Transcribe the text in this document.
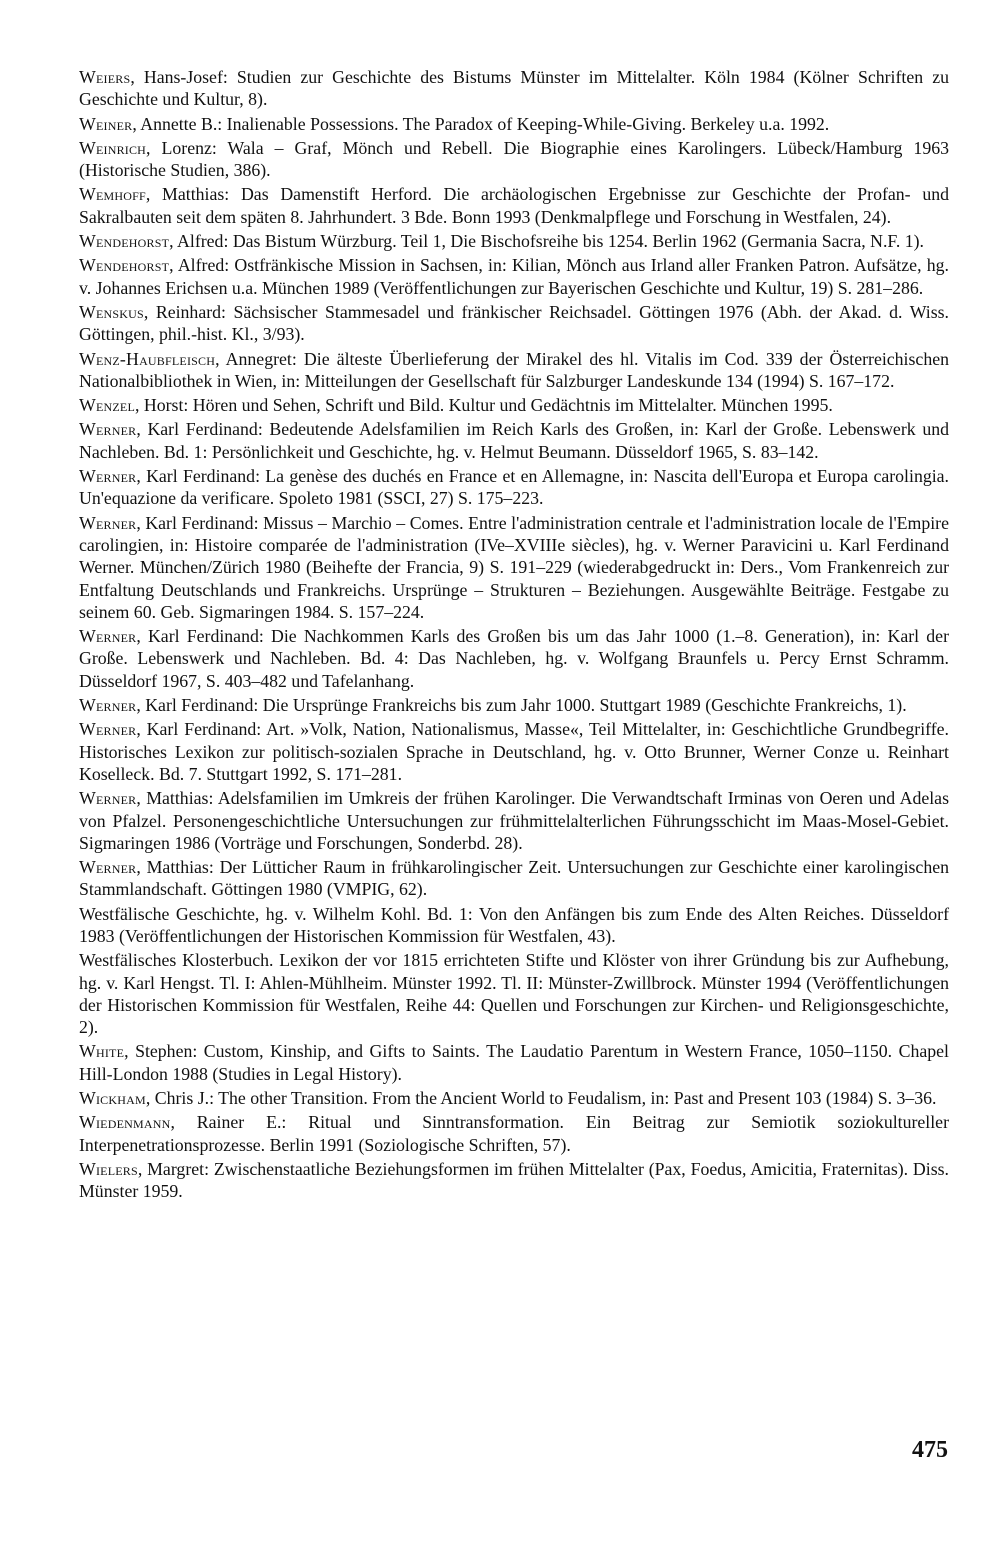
Weiers, Hans-Josef: Studien zur Geschichte des Bistums Münster im Mittelalter. Köln 1984 (Kölner Schriften zu Geschichte und Kultur, 8).

Weiner, Annette B.: Inalienable Possessions. The Paradox of Keeping-While-Giving. Berkeley u.a. 1992.

Weinrich, Lorenz: Wala – Graf, Mönch und Rebell. Die Biographie eines Karolingers. Lübeck/Hamburg 1963 (Historische Studien, 386).

Wemhoff, Matthias: Das Damenstift Herford. Die archäologischen Ergebnisse zur Geschichte der Profan- und Sakralbauten seit dem späten 8. Jahrhundert. 3 Bde. Bonn 1993 (Denkmalpflege und Forschung in Westfalen, 24).

Wendehorst, Alfred: Das Bistum Würzburg. Teil 1, Die Bischofsreihe bis 1254. Berlin 1962 (Germania Sacra, N.F. 1).

Wendehorst, Alfred: Ostfränkische Mission in Sachsen, in: Kilian, Mönch aus Irland aller Franken Patron. Aufsätze, hg. v. Johannes Erichsen u.a. München 1989 (Veröffentlichungen zur Bayerischen Geschichte und Kultur, 19) S. 281–286.

Wenskus, Reinhard: Sächsischer Stammesadel und fränkischer Reichsadel. Göttingen 1976 (Abh. der Akad. d. Wiss. Göttingen, phil.-hist. Kl., 3/93).

Wenz-Haubfleisch, Annegret: Die älteste Überlieferung der Mirakel des hl. Vitalis im Cod. 339 der Österreichischen Nationalbibliothek in Wien, in: Mitteilungen der Gesellschaft für Salzburger Landeskunde 134 (1994) S. 167–172.

Wenzel, Horst: Hören und Sehen, Schrift und Bild. Kultur und Gedächtnis im Mittelalter. München 1995.

Werner, Karl Ferdinand: Bedeutende Adelsfamilien im Reich Karls des Großen, in: Karl der Große. Lebenswerk und Nachleben. Bd. 1: Persönlichkeit und Geschichte, hg. v. Helmut Beumann. Düsseldorf 1965, S. 83–142.

Werner, Karl Ferdinand: La genèse des duchés en France et en Allemagne, in: Nascita dell'Europa et Europa carolingia. Un'equazione da verificare. Spoleto 1981 (SSCI, 27) S. 175–223.

Werner, Karl Ferdinand: Missus – Marchio – Comes. Entre l'administration centrale et l'administration locale de l'Empire carolingien, in: Histoire comparée de l'administration (IVe–XVIIIe siècles), hg. v. Werner Paravicini u. Karl Ferdinand Werner. München/Zürich 1980 (Beihefte der Francia, 9) S. 191–229 (wiederabgedruckt in: Ders., Vom Frankenreich zur Entfaltung Deutschlands und Frankreichs. Ursprünge – Strukturen – Beziehungen. Ausgewählte Beiträge. Festgabe zu seinem 60. Geb. Sigmaringen 1984. S. 157–224.

Werner, Karl Ferdinand: Die Nachkommen Karls des Großen bis um das Jahr 1000 (1.–8. Generation), in: Karl der Große. Lebenswerk und Nachleben. Bd. 4: Das Nachleben, hg. v. Wolfgang Braunfels u. Percy Ernst Schramm. Düsseldorf 1967, S. 403–482 und Tafelanhang.

Werner, Karl Ferdinand: Die Ursprünge Frankreichs bis zum Jahr 1000. Stuttgart 1989 (Geschichte Frankreichs, 1).

Werner, Karl Ferdinand: Art. »Volk, Nation, Nationalismus, Masse«, Teil Mittelalter, in: Geschichtliche Grundbegriffe. Historisches Lexikon zur politisch-sozialen Sprache in Deutschland, hg. v. Otto Brunner, Werner Conze u. Reinhart Koselleck. Bd. 7. Stuttgart 1992, S. 171–281.

Werner, Matthias: Adelsfamilien im Umkreis der frühen Karolinger. Die Verwandtschaft Irminas von Oeren und Adelas von Pfalzel. Personengeschichtliche Untersuchungen zur frühmittelalterlichen Führungsschicht im Maas-Mosel-Gebiet. Sigmaringen 1986 (Vorträge und Forschungen, Sonderbd. 28).

Werner, Matthias: Der Lütticher Raum in frühkarolingischer Zeit. Untersuchungen zur Geschichte einer karolingischen Stammlandschaft. Göttingen 1980 (VMPIG, 62).

Westfälische Geschichte, hg. v. Wilhelm Kohl. Bd. 1: Von den Anfängen bis zum Ende des Alten Reiches. Düsseldorf 1983 (Veröffentlichungen der Historischen Kommission für Westfalen, 43).

Westfälisches Klosterbuch. Lexikon der vor 1815 errichteten Stifte und Klöster von ihrer Gründung bis zur Aufhebung, hg. v. Karl Hengst. Tl. I: Ahlen-Mühlheim. Münster 1992. Tl. II: Münster-Zwillbrock. Münster 1994 (Veröffentlichungen der Historischen Kommission für Westfalen, Reihe 44: Quellen und Forschungen zur Kirchen- und Religionsgeschichte, 2).

White, Stephen: Custom, Kinship, and Gifts to Saints. The Laudatio Parentum in Western France, 1050–1150. Chapel Hill-London 1988 (Studies in Legal History).

Wickham, Chris J.: The other Transition. From the Ancient World to Feudalism, in: Past and Present 103 (1984) S. 3–36.

Wiedenmann, Rainer E.: Ritual und Sinntransformation. Ein Beitrag zur Semiotik soziokultureller Interpenetrationsprozesse. Berlin 1991 (Soziologische Schriften, 57).

Wielers, Margret: Zwischenstaatliche Beziehungsformen im frühen Mittelalter (Pax, Foedus, Amicitia, Fraternitas). Diss. Münster 1959.

475
